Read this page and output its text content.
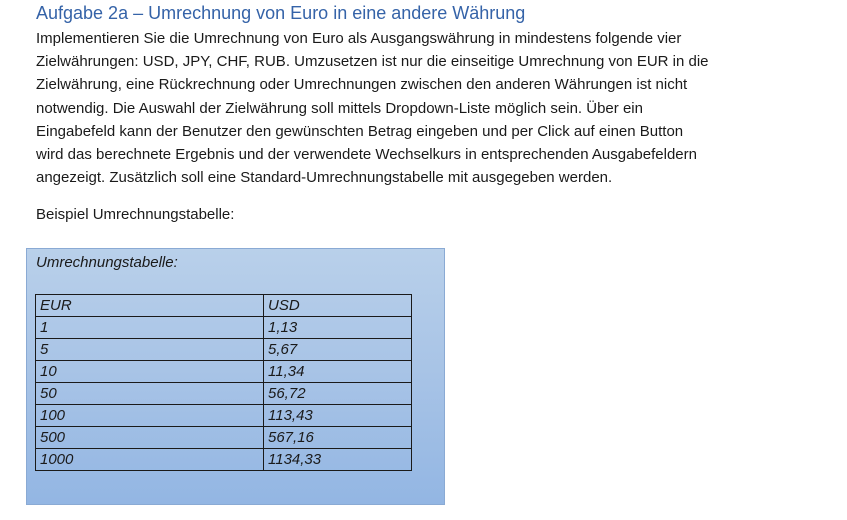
Aufgabe 2a – Umrechnung von Euro in eine andere Währung
Implementieren Sie die Umrechnung von Euro als Ausgangswährung in mindestens folgende vier
Zielwährungen: USD, JPY, CHF, RUB. Umzusetzen ist nur die einseitige Umrechnung von EUR in die
Zielwährung, eine Rückrechnung oder Umrechnungen zwischen den anderen Währungen ist nicht
notwendig. Die Auswahl der Zielwährung soll mittels Dropdown-Liste möglich sein. Über ein
Eingabefeld kann der Benutzer den gewünschten Betrag eingeben und per Click auf einen Button
wird das berechnete Ergebnis und der verwendete Wechselkurs in entsprechenden Ausgabefeldern
angezeigt. Zusätzlich soll eine Standard-Umrechnungstabelle mit ausgegeben werden.
Beispiel Umrechnungstabelle:
Umrechnungstabelle:
EUR	USD
1	1,13
5	5,67
10	11,34
50	56,72
100	113,43
500	567,16
1000	1134,33
